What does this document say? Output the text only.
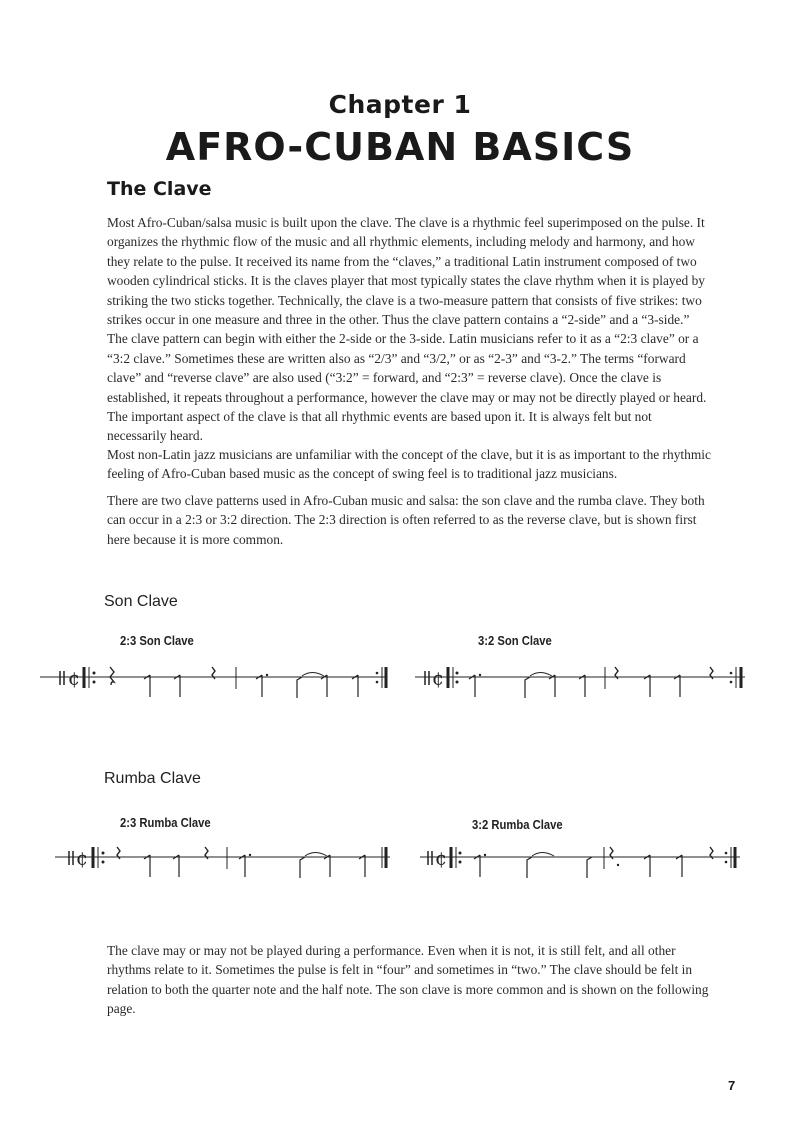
Chapter 1
AFRO-CUBAN BASICS
The Clave

Most Afro-Cuban/salsa music is built upon the clave. The clave is a rhythmic feel superimposed on the pulse. It organizes the rhythmic flow of the music and all rhythmic elements, including melody and harmony, and how they relate to the pulse. It received its name from the “claves,” a traditional Latin instrument composed of two wooden cylindrical sticks. It is the claves player that most typically states the clave rhythm when it is played by striking the two sticks together. Technically, the clave is a two-measure pattern that consists of five strikes: two strikes occur in one measure and three in the other. Thus the clave pattern contains a “2-side” and a “3-side.” The clave pattern can begin with either the 2-side or the 3-side. Latin musicians refer to it as a “2:3 clave” or a “3:2 clave.” Sometimes these are written also as “2/3” and “3/2,” or as “2-3” and “3-2.” The terms “forward clave” and “reverse clave” are also used (“3:2” = forward, and “2:3” = reverse clave). Once the clave is established, it repeats throughout a performance, however the clave may or may not be directly played or heard. The important aspect of the clave is that all rhythmic events are based upon it. It is always felt but not necessarily heard.

Most non-Latin jazz musicians are unfamiliar with the concept of the clave, but it is as important to the rhythmic feeling of Afro-Cuban based music as the concept of swing feel is to traditional jazz musicians.

There are two clave patterns used in Afro-Cuban music and salsa: the son clave and the rumba clave. They both can occur in a 2:3 or 3:2 direction. The 2:3 direction is often referred to as the reverse clave, but is shown first here because it is more common.

Son Clave
2:3 Son Clave	3:2 Son Clave
¢	¢
Rumba Clave
2:3 Rumba Clave	3:2 Rumba Clave
¢	¢

The clave may or may not be played during a performance. Even when it is not, it is still felt, and all other rhythms relate to it. Sometimes the pulse is felt in “four” and sometimes in “two.” The clave should be felt in relation to both the quarter note and the half note. The son clave is more common and is shown on the following page.

7
